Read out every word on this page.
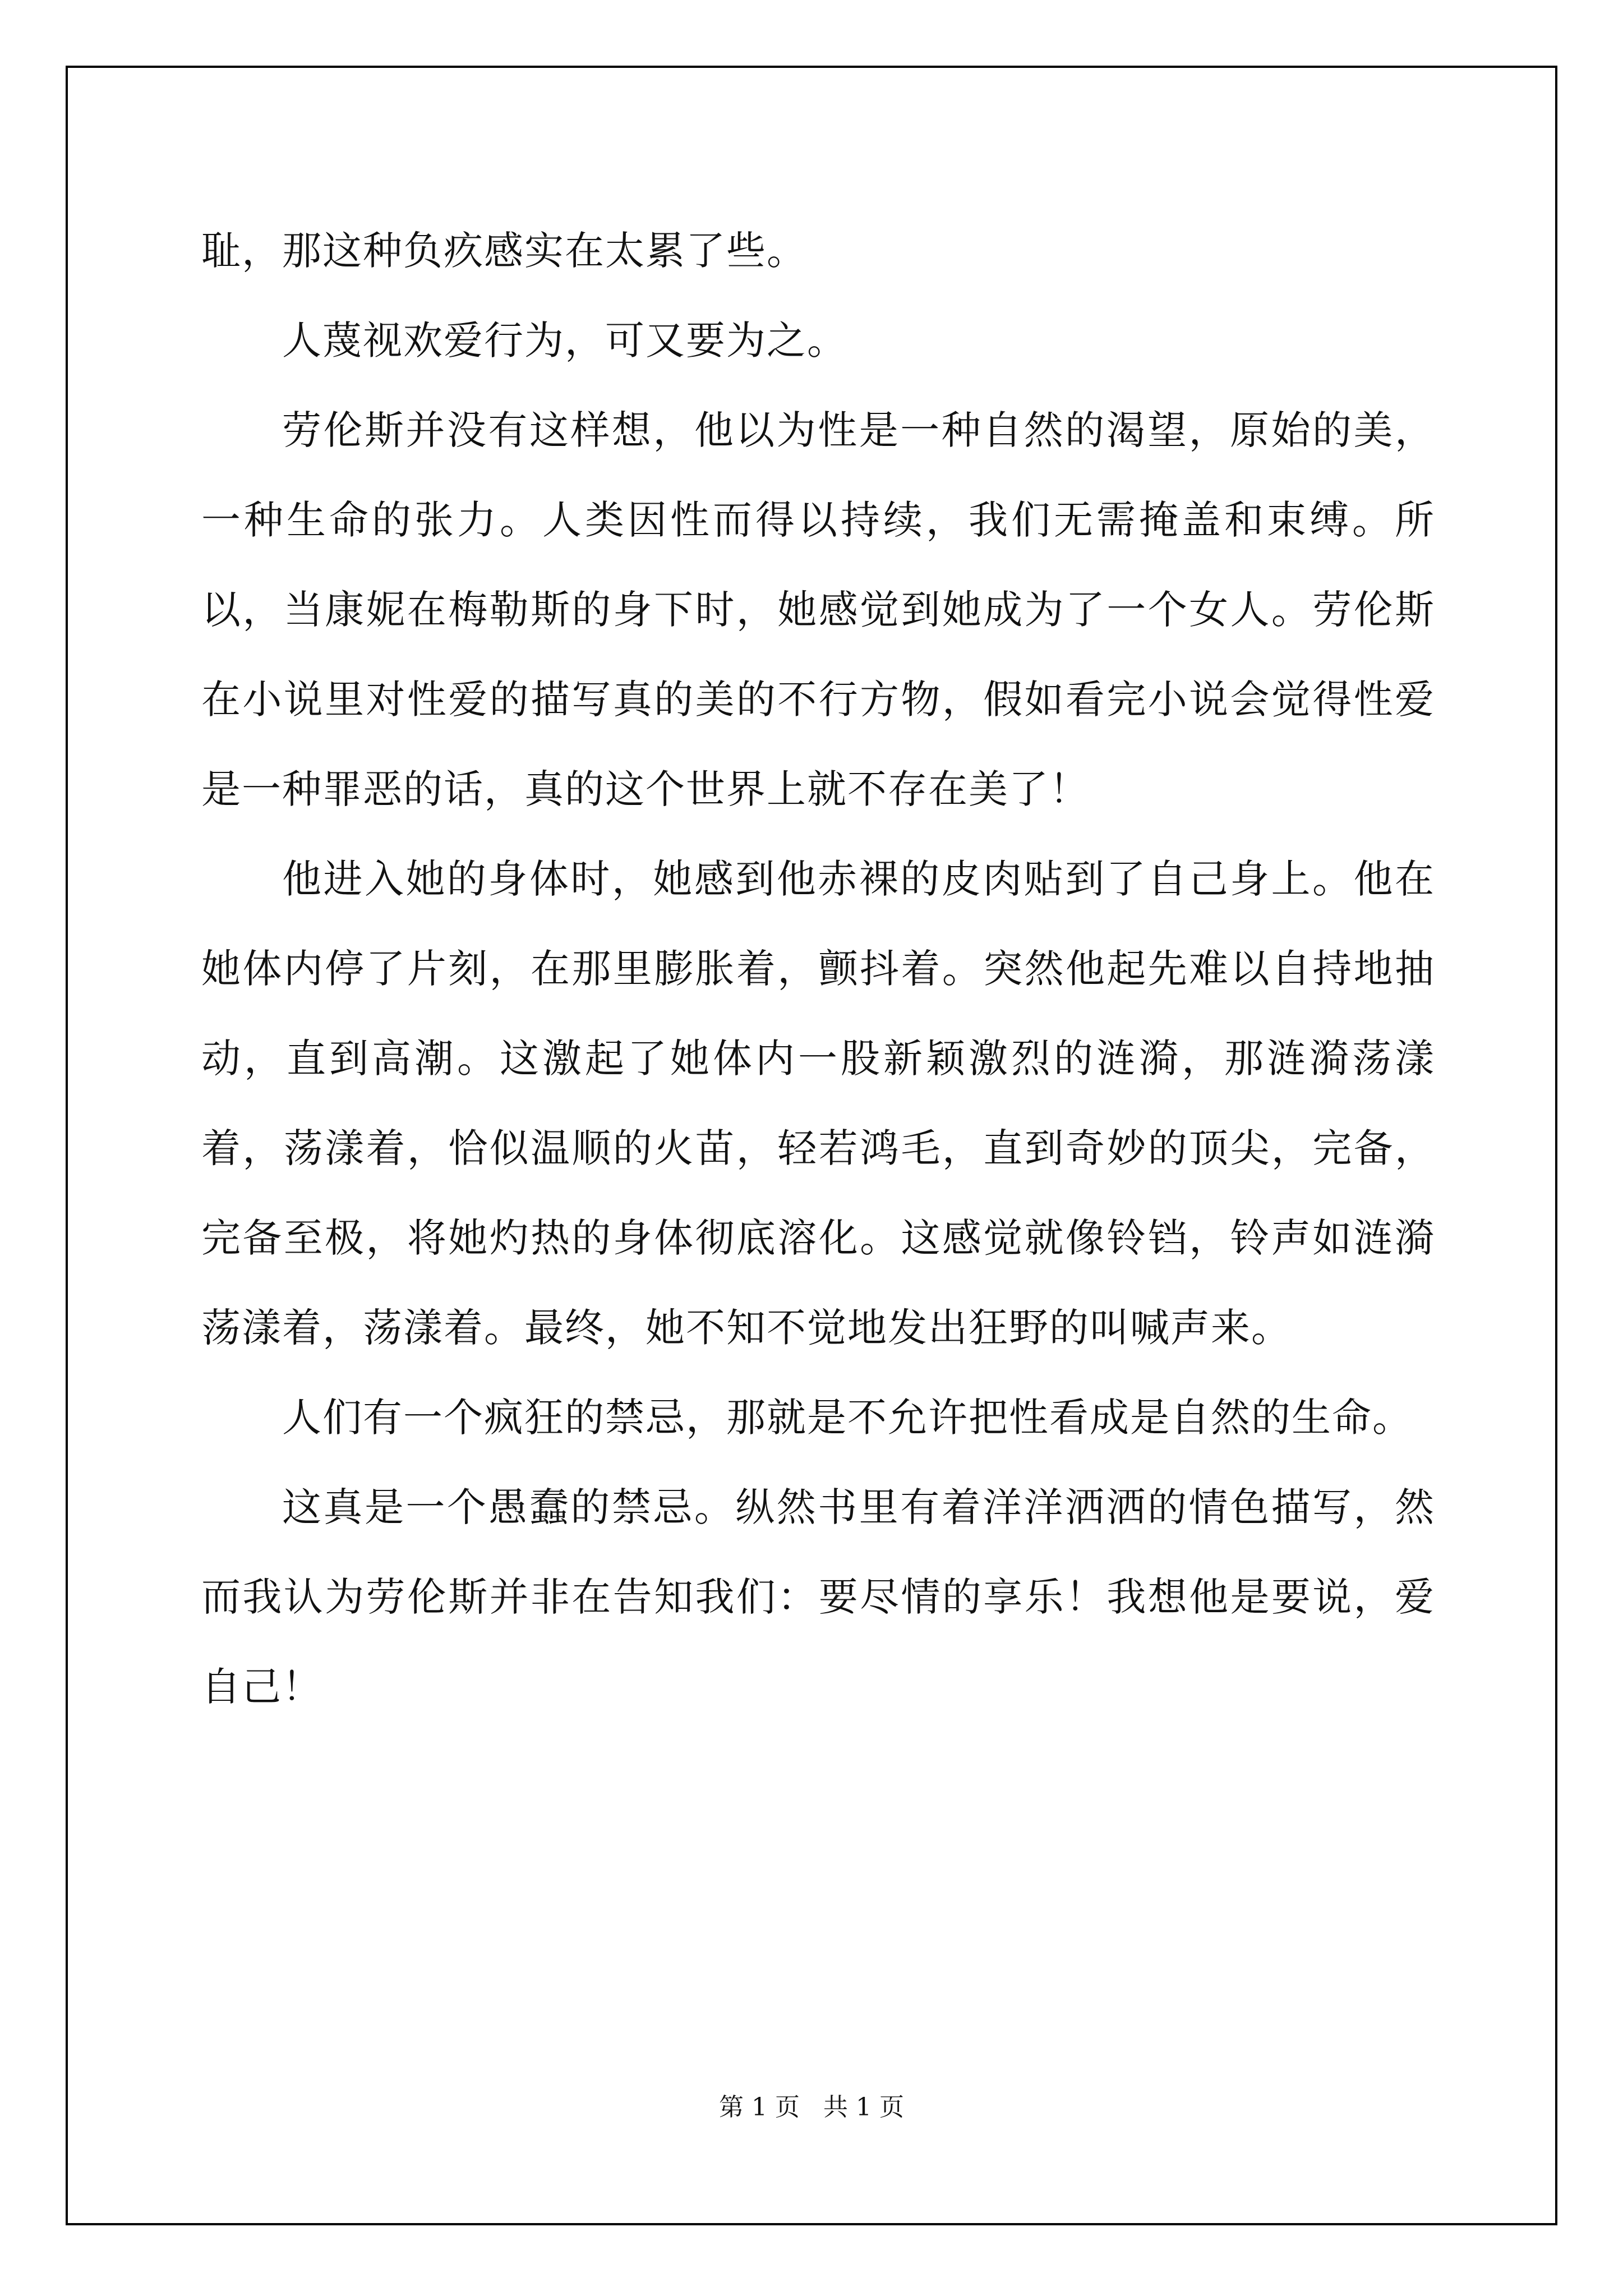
耻，那这种负疚感实在太累了些。

人蔑视欢爱行为，可又要为之。

劳伦斯并没有这样想，他以为性是一种自然的渴望，原始的美，一种生命的张力。人类因性而得以持续，我们无需掩盖和束缚。所以，当康妮在梅勒斯的身下时，她感觉到她成为了一个女人。劳伦斯在小说里对性爱的描写真的美的不行方物，假如看完小说会觉得性爱是一种罪恶的话，真的这个世界上就不存在美了！

他进入她的身体时，她感到他赤裸的皮肉贴到了自己身上。他在她体内停了片刻，在那里膨胀着，颤抖着。突然他起先难以自持地抽动，直到高潮。这激起了她体内一股新颖激烈的涟漪，那涟漪荡漾着，荡漾着，恰似温顺的火苗，轻若鸿毛，直到奇妙的顶尖，完备，完备至极，将她灼热的身体彻底溶化。这感觉就像铃铛，铃声如涟漪荡漾着，荡漾着。最终，她不知不觉地发出狂野的叫喊声来。

人们有一个疯狂的禁忌，那就是不允许把性看成是自然的生命。

这真是一个愚蠢的禁忌。纵然书里有着洋洋洒洒的情色描写，然而我认为劳伦斯并非在告知我们：要尽情的享乐！我想他是要说，爱自己！

第 1 页 共 1 页
